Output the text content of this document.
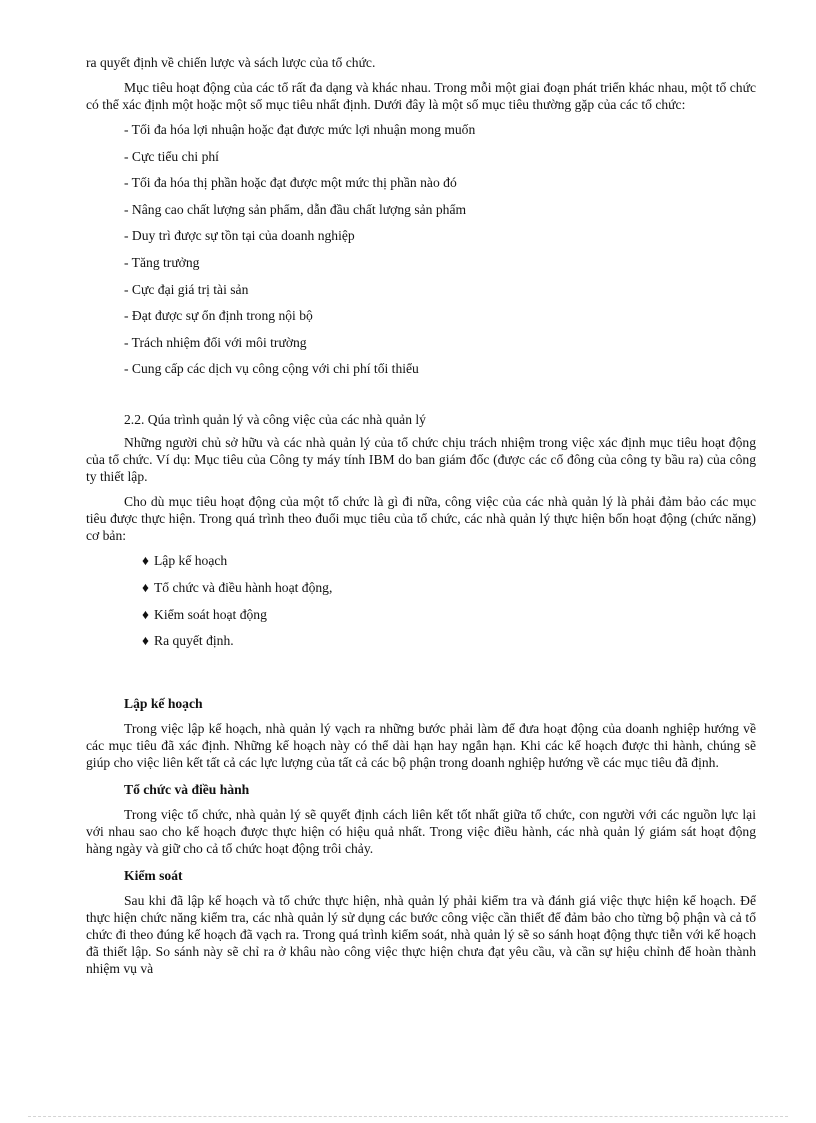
ra quyết định về chiến lược và sách lược của tổ chức.

Mục tiêu hoạt động của các tổ rất đa dạng và khác nhau. Trong mỗi một giai đoạn phát triển khác nhau, một tổ chức có thể xác định một hoặc một số mục tiêu nhất định. Dưới đây là một số mục tiêu thường gặp của các tổ chức:

- Tối đa hóa lợi nhuận hoặc đạt được mức lợi nhuận mong muốn
- Cực tiểu chi phí
- Tối đa hóa thị phần hoặc đạt được một mức thị phần nào đó
- Nâng cao chất lượng sản phẩm, dẫn đầu chất lượng sản phẩm
- Duy trì được sự tồn tại của doanh nghiệp
- Tăng trưởng
- Cực đại giá trị tài sản
- Đạt được sự ổn định trong nội bộ
- Trách nhiệm đối với môi trường
- Cung cấp các dịch vụ công cộng với chi phí tối thiểu
2.2. Qúa trình quản lý và công việc của các nhà quản lý

Những người chủ sở hữu và các nhà quản lý của tổ chức chịu trách nhiệm trong việc xác định mục tiêu hoạt động của tổ chức. Ví dụ: Mục tiêu của Công ty máy tính IBM do ban giám đốc (được các cổ đông của công ty bầu ra) của công ty thiết lập.

Cho dù mục tiêu hoạt động của một tổ chức là gì đi nữa, công việc của các nhà quản lý là phải đảm bảo các mục tiêu được thực hiện. Trong quá trình theo đuổi mục tiêu của tổ chức, các nhà quản lý thực hiện bốn hoạt động (chức năng) cơ bản:

♦ Lập kế hoạch
♦ Tổ chức và điều hành hoạt động,
♦ Kiểm soát hoạt động
♦ Ra quyết định.
Lập kế hoạch

Trong việc lập kế hoạch, nhà quản lý vạch ra những bước phải làm để đưa hoạt động của doanh nghiệp hướng về các mục tiêu đã xác định. Những kế hoạch này có thể dài hạn hay ngắn hạn. Khi các kế hoạch được thi hành, chúng sẽ giúp cho việc liên kết tất cả các lực lượng của tất cả các bộ phận trong doanh nghiệp hướng về các mục tiêu đã định.

Tổ chức và điều hành

Trong việc tổ chức, nhà quản lý sẽ quyết định cách liên kết tốt nhất giữa tổ chức, con người với các nguồn lực lại với nhau sao cho kế hoạch được thực hiện có hiệu quả nhất. Trong việc điều hành, các nhà quản lý giám sát hoạt động hàng ngày và giữ cho cả tổ chức hoạt động trôi chảy.

Kiểm soát

Sau khi đã lập kế hoạch và tổ chức thực hiện, nhà quản lý phải kiểm tra và đánh giá việc thực hiện kế hoạch. Để thực hiện chức năng kiểm tra, các nhà quản lý sử dụng các bước công việc cần thiết để đảm bảo cho từng bộ phận và cả tổ chức đi theo đúng kế hoạch đã vạch ra. Trong quá trình kiểm soát, nhà quản lý sẽ so sánh hoạt động thực tiễn với kế hoạch đã thiết lập. So sánh này sẽ chỉ ra ở khâu nào công việc thực hiện chưa đạt yêu cầu, và cần sự hiệu chỉnh để hoàn thành nhiệm vụ và
